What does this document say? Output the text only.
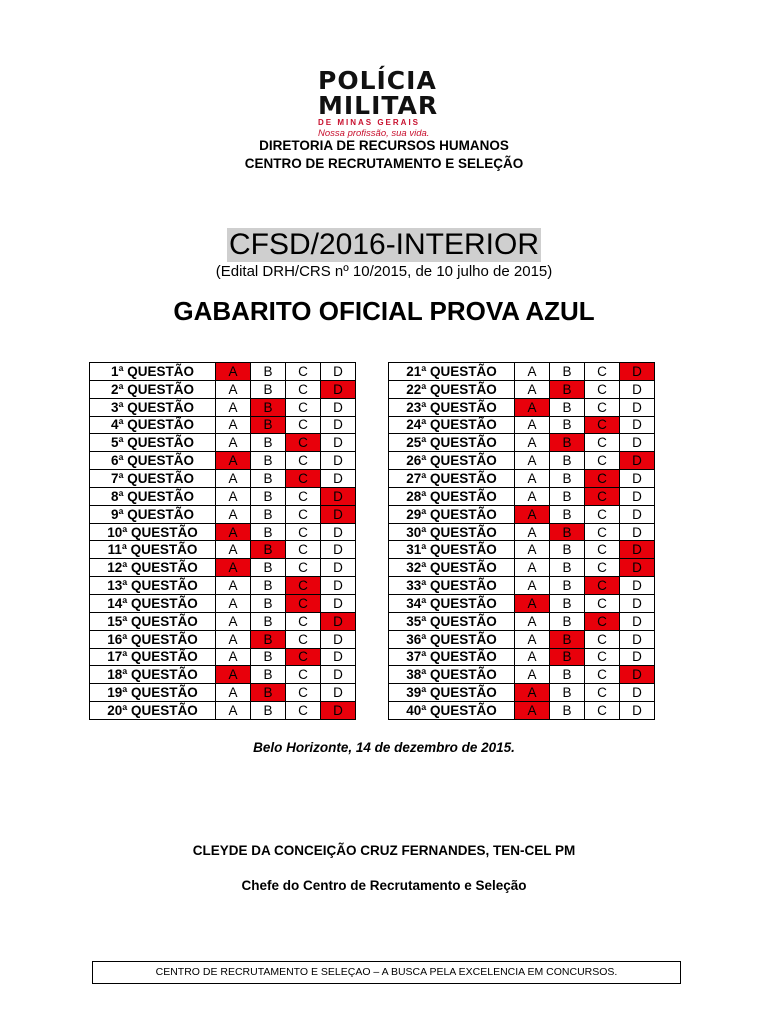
POLÍCIA
MILITAR
DE MINAS GERAIS
Nossa profissão, sua vida.
DIRETORIA DE RECURSOS HUMANOS
CENTRO DE RECRUTAMENTO E SELEÇÃO
CFSD/2016-INTERIOR
(Edital DRH/CRS nº 10/2015, de 10 julho de 2015)
GABARITO OFICIAL PROVA AZUL
1ª QUESTÃO	A	B	C	D
2ª QUESTÃO	A	B	C	D
3ª QUESTÃO	A	B	C	D
4ª QUESTÃO	A	B	C	D
5ª QUESTÃO	A	B	C	D
6ª QUESTÃO	A	B	C	D
7ª QUESTÃO	A	B	C	D
8ª QUESTÃO	A	B	C	D
9ª QUESTÃO	A	B	C	D
10ª QUESTÃO	A	B	C	D
11ª QUESTÃO	A	B	C	D
12ª QUESTÃO	A	B	C	D
13ª QUESTÃO	A	B	C	D
14ª QUESTÃO	A	B	C	D
15ª QUESTÃO	A	B	C	D
16ª QUESTÃO	A	B	C	D
17ª QUESTÃO	A	B	C	D
18ª QUESTÃO	A	B	C	D
19ª QUESTÃO	A	B	C	D
20ª QUESTÃO	A	B	C	D
21ª QUESTÃO	A	B	C	D
22ª QUESTÃO	A	B	C	D
23ª QUESTÃO	A	B	C	D
24ª QUESTÃO	A	B	C	D
25ª QUESTÃO	A	B	C	D
26ª QUESTÃO	A	B	C	D
27ª QUESTÃO	A	B	C	D
28ª QUESTÃO	A	B	C	D
29ª QUESTÃO	A	B	C	D
30ª QUESTÃO	A	B	C	D
31ª QUESTÃO	A	B	C	D
32ª QUESTÃO	A	B	C	D
33ª QUESTÃO	A	B	C	D
34ª QUESTÃO	A	B	C	D
35ª QUESTÃO	A	B	C	D
36ª QUESTÃO	A	B	C	D
37ª QUESTÃO	A	B	C	D
38ª QUESTÃO	A	B	C	D
39ª QUESTÃO	A	B	C	D
40ª QUESTÃO	A	B	C	D
Belo Horizonte, 14 de dezembro de 2015.
CLEYDE DA CONCEIÇÃO CRUZ FERNANDES, TEN-CEL PM
Chefe do Centro de Recrutamento e Seleção
CENTRO DE RECRUTAMENTO E SELEÇAO – A BUSCA PELA EXCELENCIA EM CONCURSOS.
